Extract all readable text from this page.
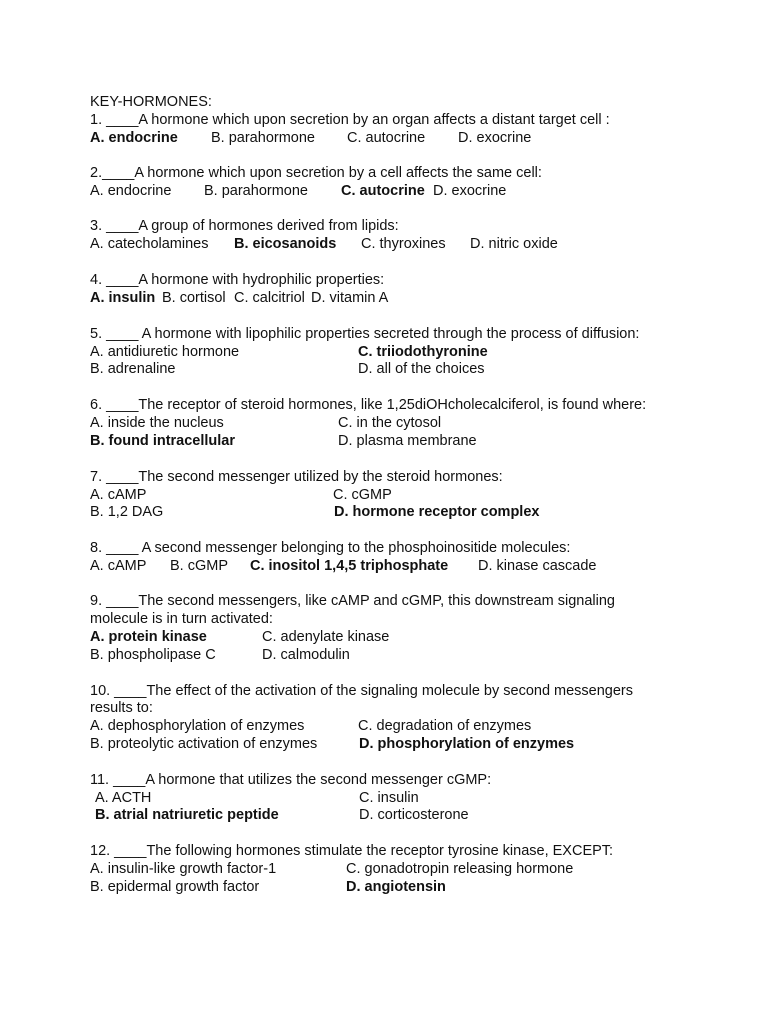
KEY-HORMONES:
1. ____A hormone which upon secretion by an organ affects a distant target cell :

A. endocrine

B. parahormone

C. autocrine

D. exocrine

2.____A hormone which upon secretion by a cell affects the same cell:

A. endocrine

B. parahormone

C. autocrine

D. exocrine

3. ____A group of hormones derived from lipids:

A. catecholamines

B. eicosanoids

C. thyroxines

D. nitric oxide

4. ____A hormone with hydrophilic properties:

A. insulin

B. cortisol

C. calcitriol

D. vitamin A

5. ____ A hormone with lipophilic properties secreted through the process of diffusion:

A. antidiuretic hormone

	C. triiodothyronine

B. adrenaline

	D. all of the choices

6. ____The receptor of steroid hormones, like 1,25diOHcholecalciferol, is found where:

A. inside the nucleus

	C. in the cytosol

B. found intracellular

	D. plasma membrane

7. ____The second messenger utilized by the steroid hormones:

A. cAMP

	C. cGMP

B. 1,2 DAG

	D. hormone receptor complex

8. ____ A second messenger belonging to the phosphoinositide molecules:

A. cAMP

B. cGMP

C. inositol 1,4,5 triphosphate

D. kinase cascade

9. ____The second messengers, like cAMP and cGMP, this downstream signaling
molecule is in turn activated:

A. protein kinase

	C. adenylate kinase

B. phospholipase C

	D. calmodulin

10. ____The effect of the activation of the signaling molecule by second messengers
results to:

A. dephosphorylation of enzymes

	C. degradation of enzymes

B. proteolytic activation of enzymes

	D. phosphorylation of enzymes

11. ____A hormone that utilizes the second messenger cGMP:

A. ACTH

	C. insulin

B. atrial natriuretic peptide

	D. corticosterone

12. ____The following hormones stimulate the receptor tyrosine kinase, EXCEPT:

A. insulin-like growth factor-1

	C. gonadotropin releasing hormone

B. epidermal growth factor

	D. angiotensin
